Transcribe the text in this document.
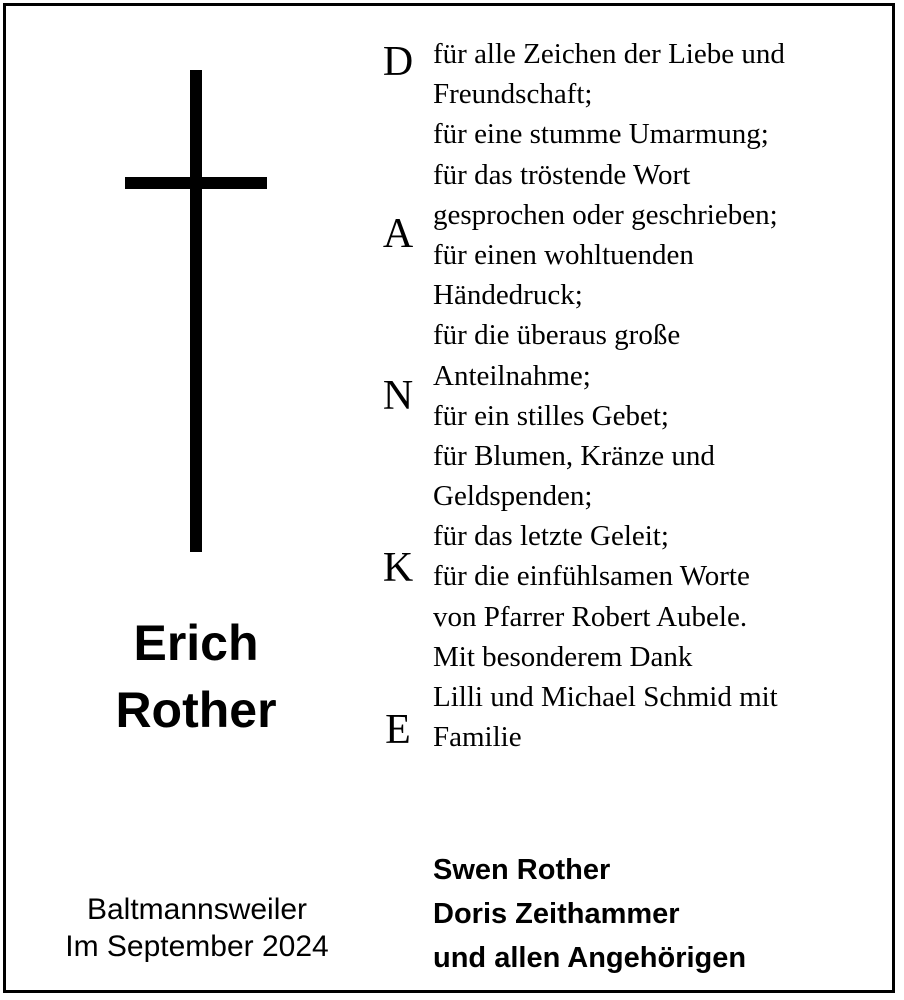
Erich
Rother
D
A
N
K
E
für alle Zeichen der Liebe und
Freundschaft;
für eine stumme Umarmung;
für das tröstende Wort
gesprochen oder geschrieben;
für einen wohltuenden
Händedruck;
für die überaus große
Anteilnahme;
für ein stilles Gebet;
für Blumen, Kränze und
Geldspenden;
für das letzte Geleit;
für die einfühlsamen Worte
von Pfarrer Robert Aubele.
Mit besonderem Dank
Lilli und Michael Schmid mit
Familie
Baltmannsweiler
Im September 2024
Swen Rother
Doris Zeithammer
und allen Angehörigen
